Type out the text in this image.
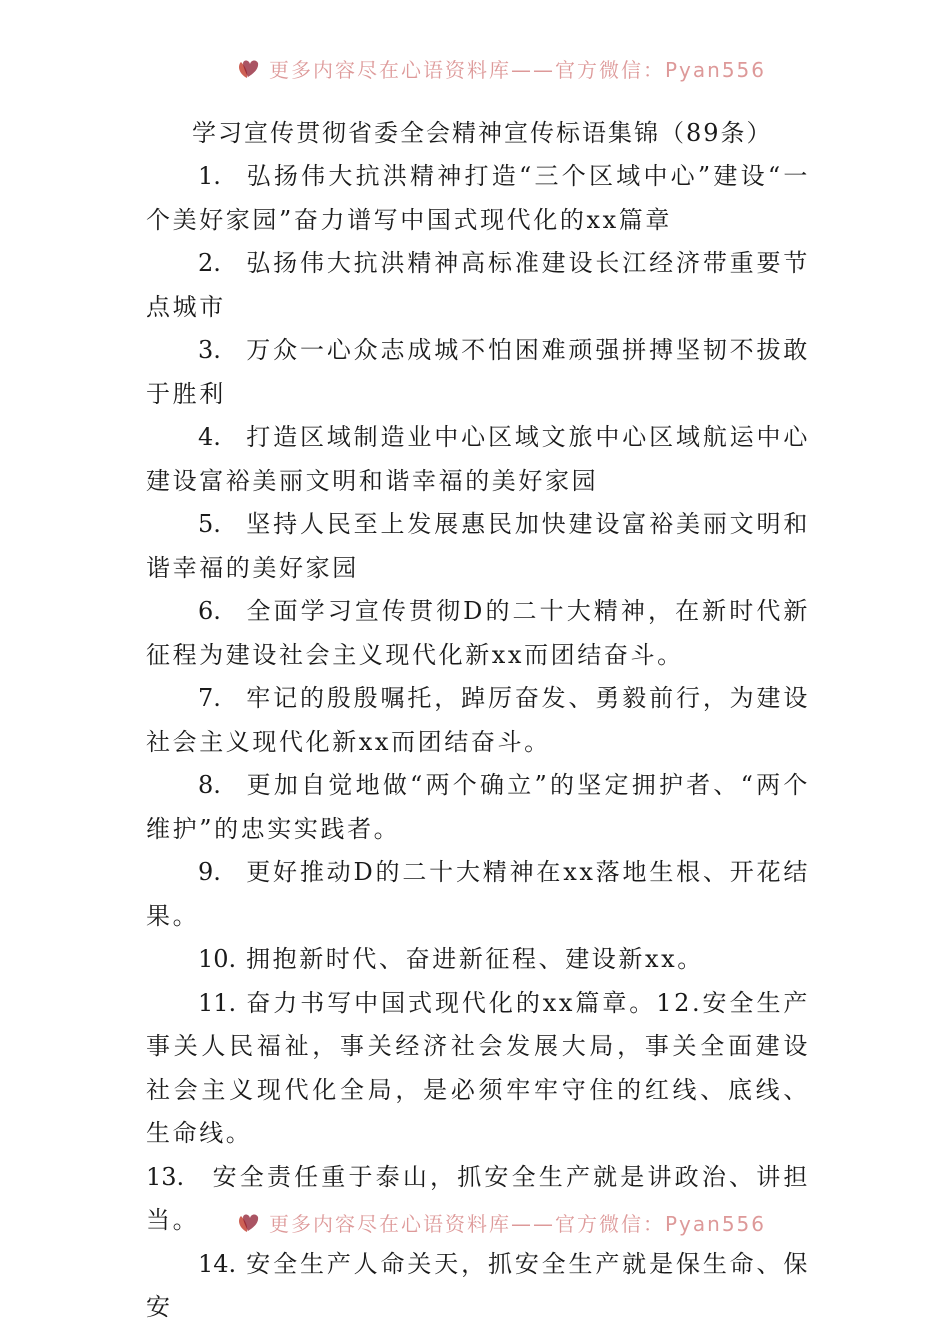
更多内容尽在心语资料库——官方微信：Pyan556

学习宣传贯彻省委全会精神宣传标语集锦（89条）

1. 弘扬伟大抗洪精神打造“三个区域中心”建设“一个美好家园”奋力谱写中国式现代化的xx篇章

2. 弘扬伟大抗洪精神高标准建设长江经济带重要节点城市

3. 万众一心众志成城不怕困难顽强拼搏坚韧不拔敢于胜利

4. 打造区域制造业中心区域文旅中心区域航运中心建设富裕美丽文明和谐幸福的美好家园

5. 坚持人民至上发展惠民加快建设富裕美丽文明和谐幸福的美好家园

6. 全面学习宣传贯彻D的二十大精神，在新时代新征程为建设社会主义现代化新xx而团结奋斗。

7. 牢记的殷殷嘱托，踔厉奋发、勇毅前行，为建设社会主义现代化新xx而团结奋斗。

8. 更加自觉地做“两个确立”的坚定拥护者、“两个维护”的忠实实践者。

9. 更好推动D的二十大精神在xx落地生根、开花结果。

10. 拥抱新时代、奋进新征程、建设新xx。

11. 奋力书写中国式现代化的xx篇章。12.安全生产事关人民福祉，事关经济社会发展大局，事关全面建设社会主义现代化全局，是必须牢牢守住的红线、底线、生命线。

13. 安全责任重于泰山，抓安全生产就是讲政治、讲担当。

14. 安全生产人命关天，抓安全生产就是保生命、保安

更多内容尽在心语资料库——官方微信：Pyan556
